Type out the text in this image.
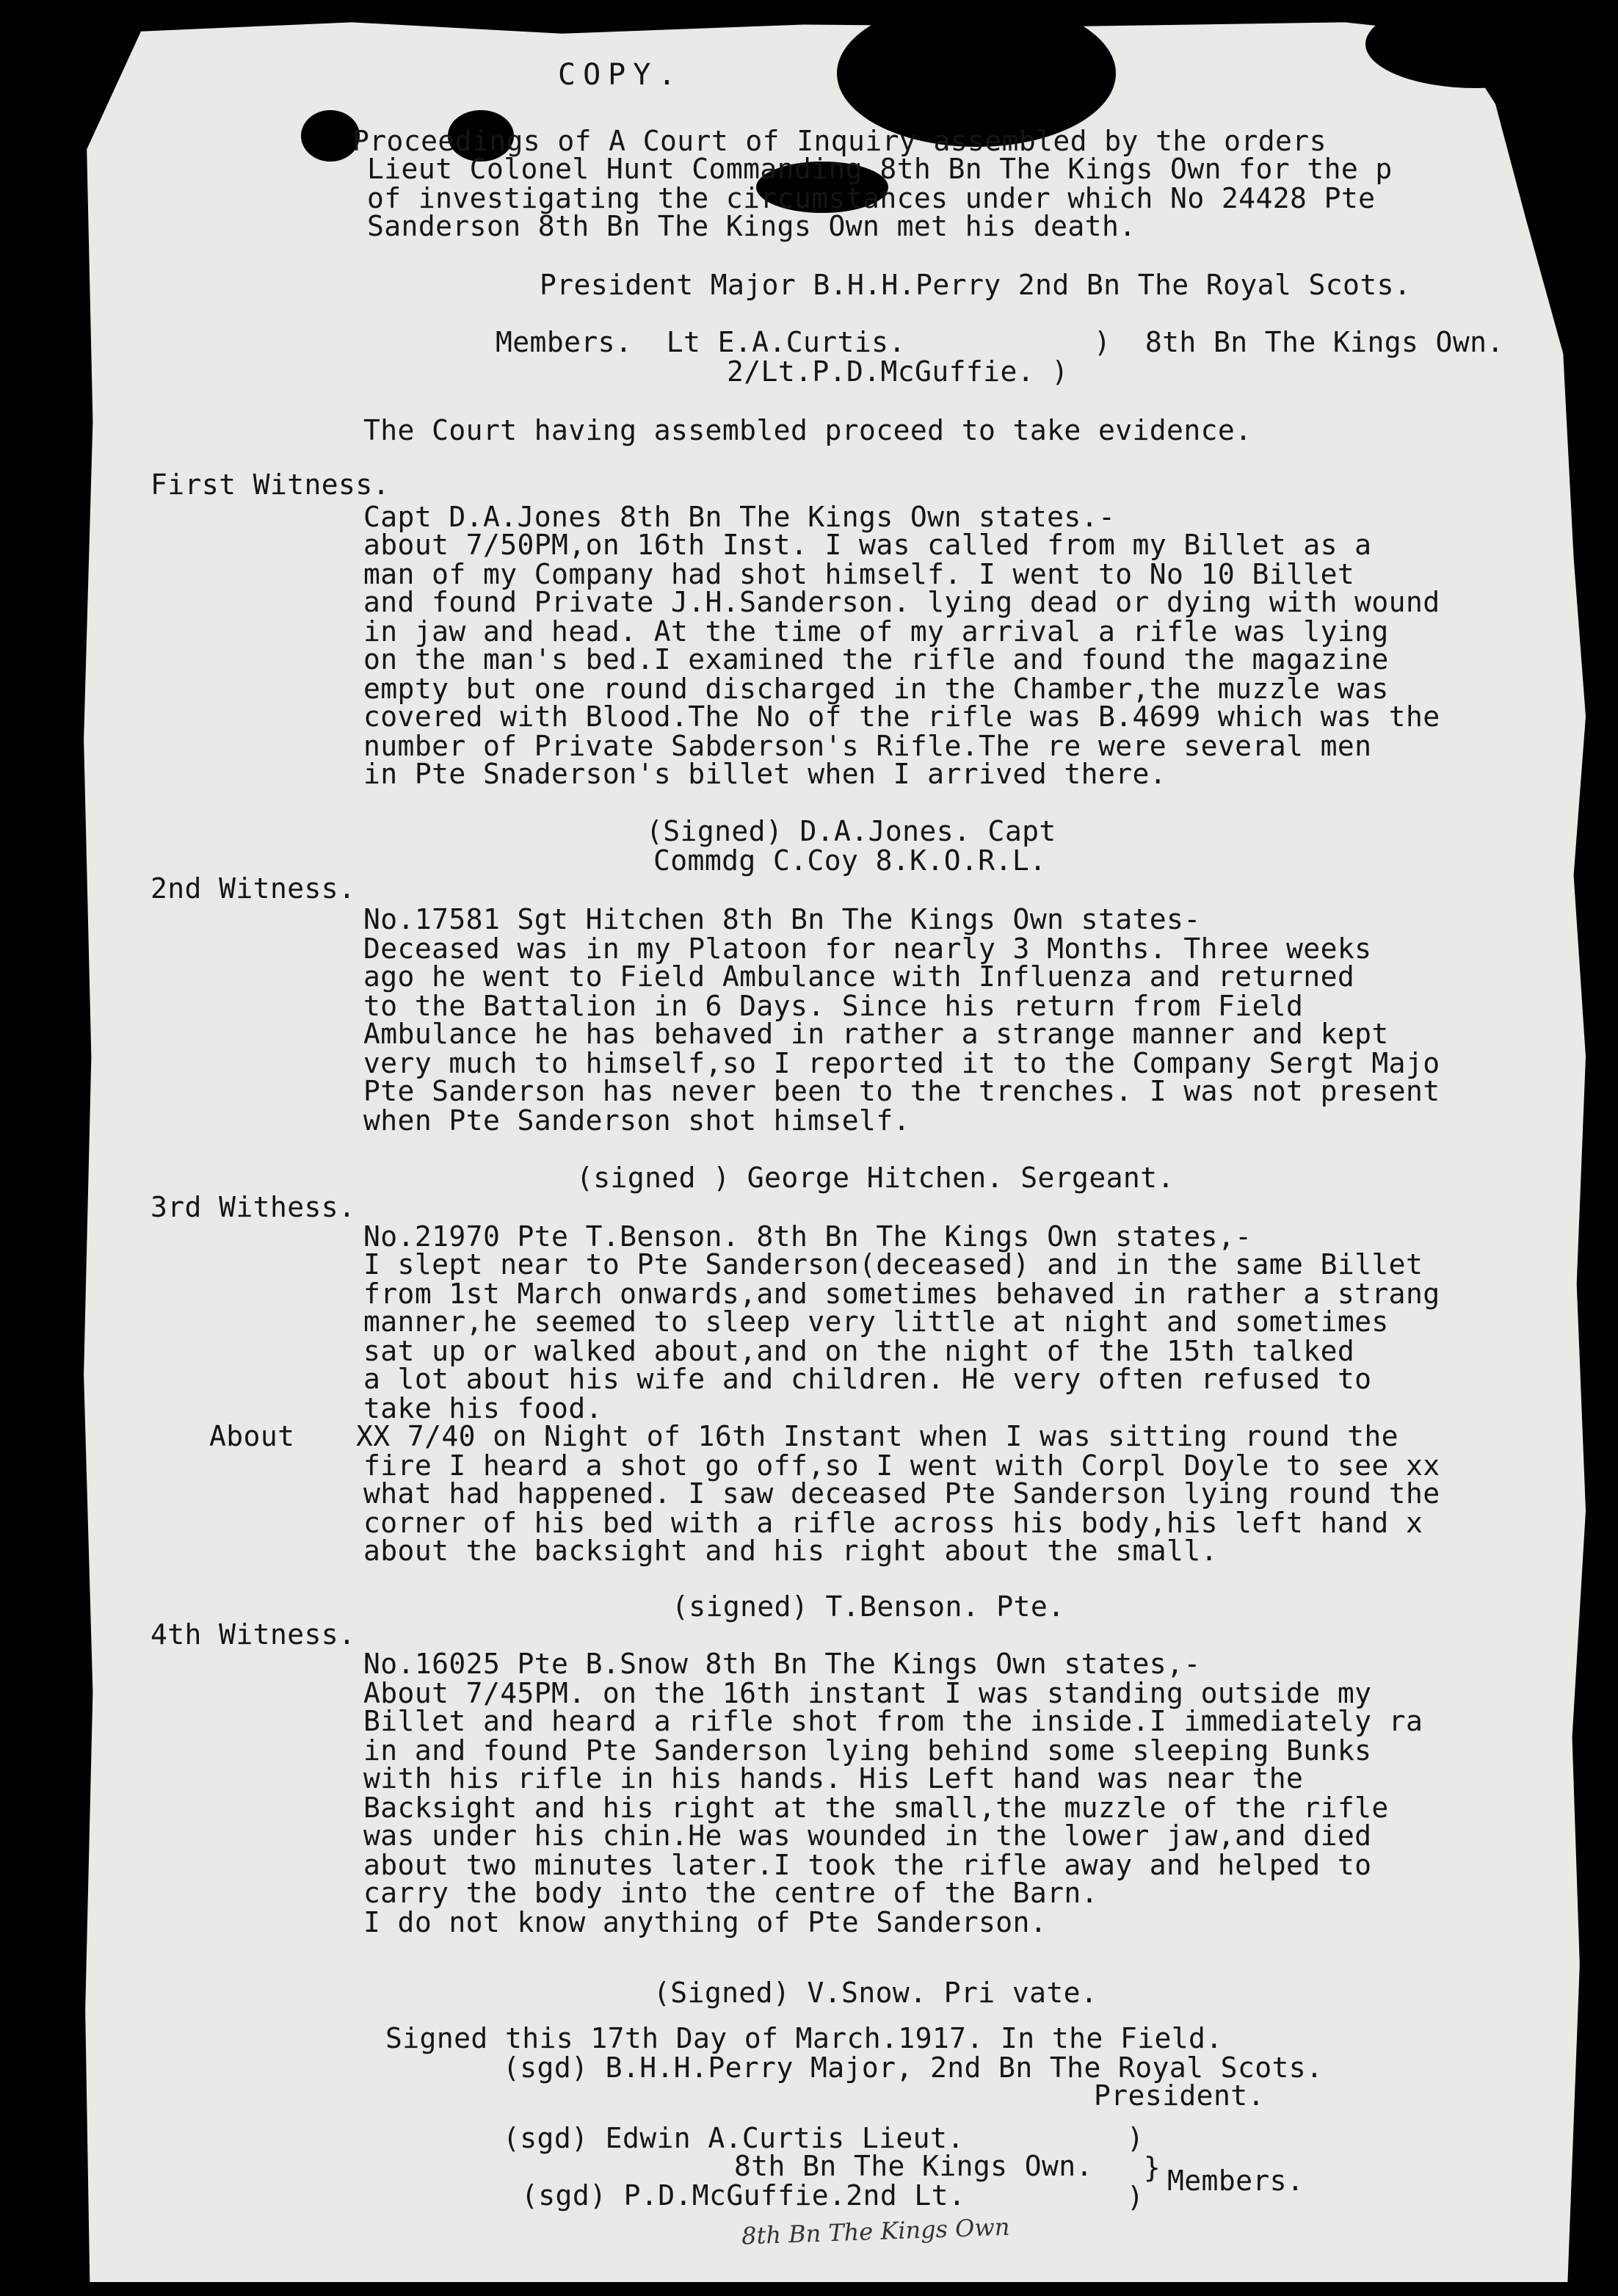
COPY.
Proceedings of A Court of Inquiry assembled by the orders
Lieut Colonel Hunt Commanding 8th Bn The Kings Own for the p
of investigating the circumstances under which No 24428 Pte
Sanderson 8th Bn The Kings Own met his death.
President Major B.H.H.Perry 2nd Bn The Royal Scots.
Members.  Lt E.A.Curtis.	)  8th Bn The Kings Own.
2/Lt.P.D.McGuffie. )
The Court having assembled proceed to take evidence.
First Witness.
Capt D.A.Jones 8th Bn The Kings Own states.-
about 7/50PM,on 16th Inst. I was called from my Billet as a
man of my Company had shot himself. I went to No 10 Billet
and found Private J.H.Sanderson. lying dead or dying with wound
in jaw and head. At the time of my arrival a rifle was lying
on the man's bed.I examined the rifle and found the magazine
empty but one round discharged in the Chamber,the muzzle was
covered with Blood.The No of the rifle was B.4699 which was the
number of Private Sabderson's Rifle.The re were several men
in Pte Snaderson's billet when I arrived there.
(Signed) D.A.Jones. Capt
Commdg C.Coy 8.K.O.R.L.
2nd Witness.
No.17581 Sgt Hitchen 8th Bn The Kings Own states-
Deceased was in my Platoon for nearly 3 Months. Three weeks
ago he went to Field Ambulance with Influenza and returned
to the Battalion in 6 Days. Since his return from Field
Ambulance he has behaved in rather a strange manner and kept
very much to himself,so I reported it to the Company Sergt Majo
Pte Sanderson has never been to the trenches. I was not present
when Pte Sanderson shot himself.
(signed ) George Hitchen. Sergeant.
3rd Withess.
No.21970 Pte T.Benson. 8th Bn The Kings Own states,-
I slept near to Pte Sanderson(deceased) and in the same Billet
from 1st March onwards,and sometimes behaved in rather a strang
manner,he seemed to sleep very little at night and sometimes
sat up or walked about,and on the night of the 15th talked
a lot about his wife and children. He very often refused to
take his food.
About XX 7/40 on Night of 16th Instant when I was sitting round the
fire I heard a shot go off,so I went with Corpl Doyle to see xx
what had happened. I saw deceased Pte Sanderson lying round the
corner of his bed with a rifle across his body,his left hand x
about the backsight and his right about the small.
(signed) T.Benson. Pte.
4th Witness.
No.16025 Pte B.Snow 8th Bn The Kings Own states,-
About 7/45PM. on the 16th instant I was standing outside my
Billet and heard a rifle shot from the inside.I immediately ra
in and found Pte Sanderson lying behind some sleeping Bunks
with his rifle in his hands. His Left hand was near the
Backsight and his right at the small,the muzzle of the rifle
was under his chin.He was wounded in the lower jaw,and died
about two minutes later.I took the rifle away and helped to
carry the body into the centre of the Barn.
I do not know anything of Pte Sanderson.
(Signed) V.Snow. Pri vate.
Signed this 17th Day of March.1917. In the Field.
(sgd) B.H.H.Perry Major, 2nd Bn The Royal Scots.
President.
(sgd) Edwin A.Curtis Lieut.
8th Bn The Kings Own.
(sgd) P.D.McGuffie.2nd Lt.	Members.
)
}
)
8th Bn The Kings Own
